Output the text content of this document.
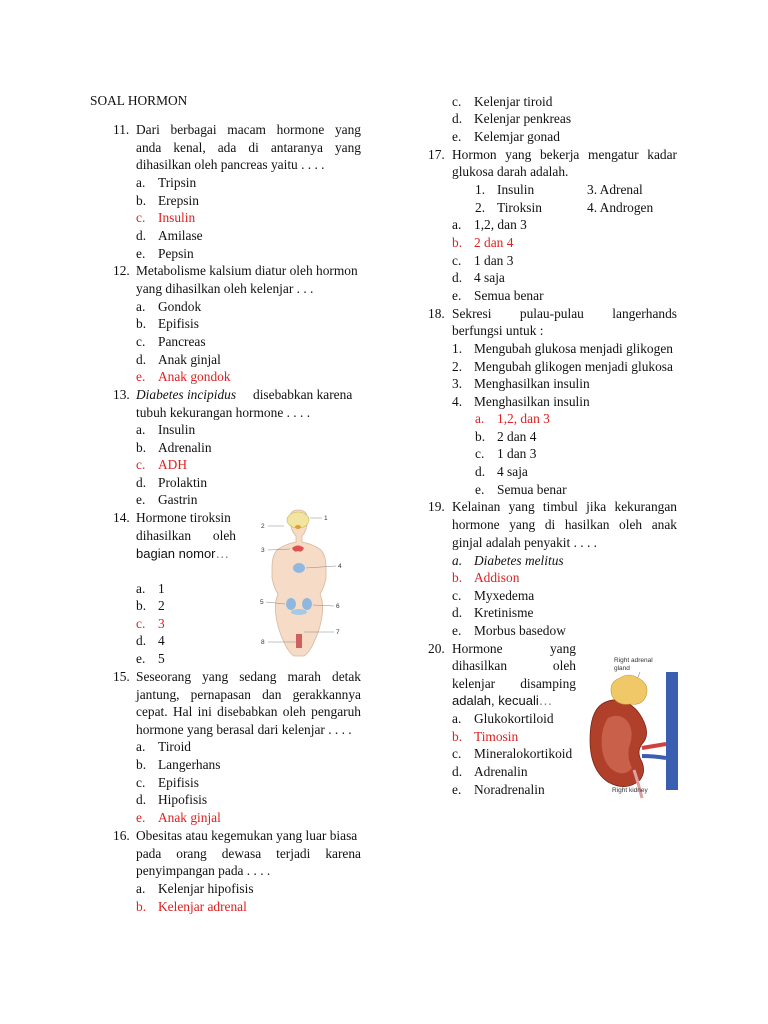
SOAL HORMON
11. Dari berbagai macam hormone yang
anda kenal, ada di antaranya yang
dihasilkan oleh pancreas yaitu . . . .
a. Tripsin
b. Erepsin
c. Insulin
d. Amilase
e. Pepsin
12. Metabolisme kalsium diatur oleh hormon
yang dihasilkan oleh kelenjar . . .
a. Gondok
b. Epifisis
c. Pancreas
d. Anak ginjal
e. Anak gondok
13. Diabetes incipidus disebabkan karena
tubuh kekurangan hormone . . . .
a. Insulin
b. Adrenalin
c. ADH
d. Prolaktin
e. Gastrin
14. Hormone tiroksin
dihasilkan oleh
bagian nomor…
a. 1
b. 2
c. 3
d. 4
e. 5
1
2
3
4
5
6
7
8
15. Seseorang yang sedang marah detak
jantung, pernapasan dan gerakkannya
cepat. Hal ini disebabkan oleh pengaruh
hormone yang berasal dari kelenjar . . . .
a. Tiroid
b. Langerhans
c. Epifisis
d. Hipofisis
e. Anak ginjal
16. Obesitas atau kegemukan yang luar biasa
pada orang dewasa terjadi karena
penyimpangan pada . . . .
a. Kelenjar hipofisis
b. Kelenjar adrenal
c. Kelenjar tiroid
d. Kelenjar penkreas
e. Kelemjar gonad
17. Hormon yang bekerja mengatur kadar
glukosa darah adalah.
1. Insulin	3. Adrenal
2. Tiroksin	4. Androgen
a. 1,2, dan 3
b. 2 dan 4
c. 1 dan 3
d. 4 saja
e. Semua benar
18. Sekresi pulau-pulau langerhands
berfungsi untuk :
1. Mengubah glukosa menjadi glikogen
2. Mengubah glikogen menjadi glukosa
3. Menghasilkan insulin
4. Menghasilkan insulin
a. 1,2, dan 3
b. 2 dan 4
c. 1 dan 3
d. 4 saja
e. Semua benar
19. Kelainan yang timbul jika kekurangan
hormone yang di hasilkan oleh anak
ginjal adalah penyakit . . . .
a. Diabetes melitus
b. Addison
c. Myxedema
d. Kretinisme
e. Morbus basedow
20. Hormone yang
dihasilkan oleh
kelenjar disamping
adalah, kecuali…
a. Glukokortiloid
b. Timosin
c. Mineralokortikoid
d. Adrenalin
e. Noradrenalin
Right adrenal
gland
Right kidney
